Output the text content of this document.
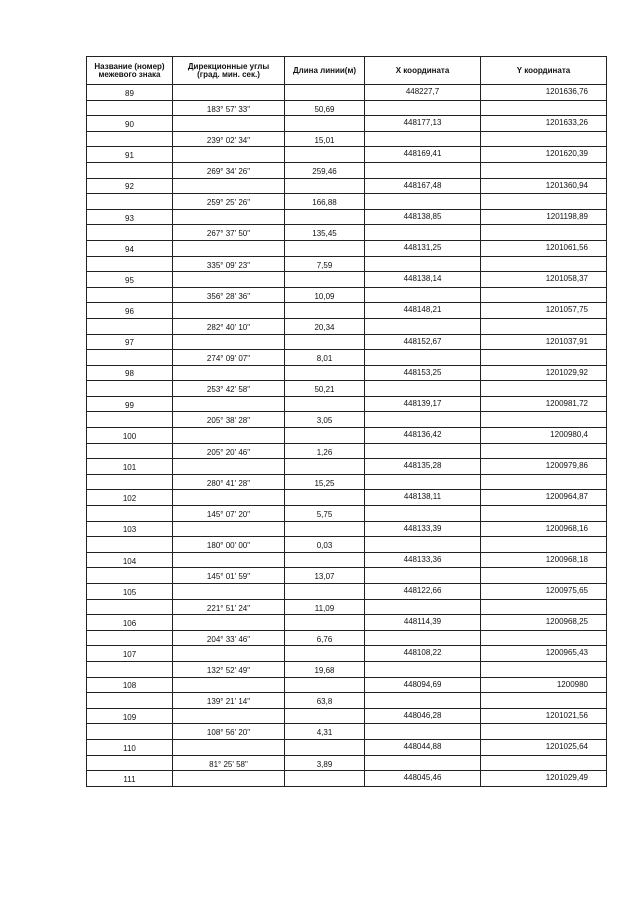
Название (номер) межевого знака	Дирекционные углы (град. мин. сек.)	Длина линии(м)	X координата	Y координата
89			448227,7	1201636,76
	183° 57' 33"	50,69		
90			448177,13	1201633,26
	239° 02' 34"	15,01		
91			448169,41	1201620,39
	269° 34' 26"	259,46		
92			448167,48	1201360,94
	259° 25' 26"	166,88		
93			448138,85	1201198,89
	267° 37' 50"	135,45		
94			448131,25	1201061,56
	335° 09' 23"	7,59		
95			448138,14	1201058,37
	356° 28' 36"	10,09		
96			448148,21	1201057,75
	282° 40' 10"	20,34		
97			448152,67	1201037,91
	274° 09' 07"	8,01		
98			448153,25	1201029,92
	253° 42' 58"	50,21		
99			448139,17	1200981,72
	205° 38' 28"	3,05		
100			448136,42	1200980,4
	205° 20' 46"	1,26		
101			448135,28	1200979,86
	280° 41' 28"	15,25		
102			448138,11	1200964,87
	145° 07' 20"	5,75		
103			448133,39	1200968,16
	180° 00' 00"	0,03		
104			448133,36	1200968,18
	145° 01' 59"	13,07		
105			448122,66	1200975,65
	221° 51' 24"	11,09		
106			448114,39	1200968,25
	204° 33' 46"	6,76		
107			448108,22	1200965,43
	132° 52' 49"	19,68		
108			448094,69	1200980
	139° 21' 14"	63,8		
109			448046,28	1201021,56
	108° 56' 20"	4,31		
110			448044,88	1201025,64
	81° 25' 58"	3,89		
111			448045,46	1201029,49
